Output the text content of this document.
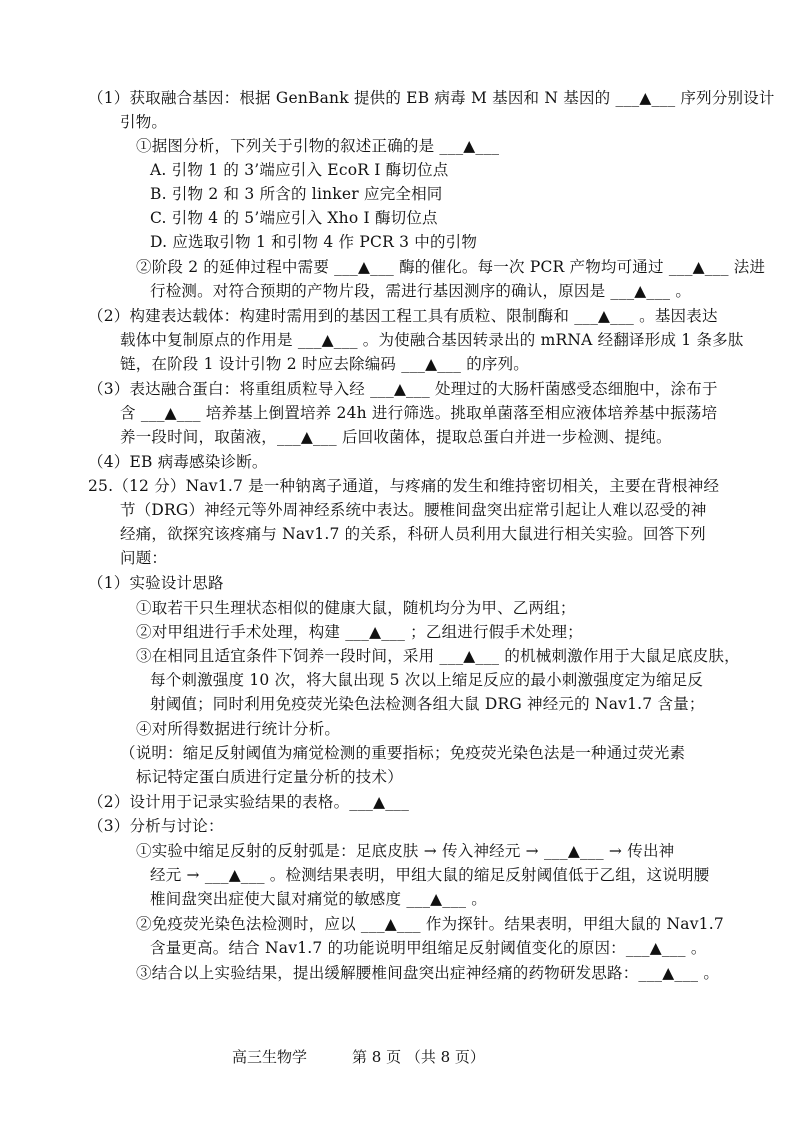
（1）获取融合基因：根据 GenBank 提供的 EB 病毒 M 基因和 N 基因的 ___▲___ 序列分别设计
引物。
①据图分析，下列关于引物的叙述正确的是 ___▲___
A. 引物 1 的 3’端应引入 EcoR Ⅰ 酶切位点
B. 引物 2 和 3 所含的 linker 应完全相同
C. 引物 4 的 5’端应引入 Xho Ⅰ 酶切位点
D. 应选取引物 1 和引物 4 作 PCR 3 中的引物
②阶段 2 的延伸过程中需要 ___▲___ 酶的催化。每一次 PCR 产物均可通过 ___▲___ 法进
行检测。对符合预期的产物片段，需进行基因测序的确认，原因是 ___▲___ 。
（2）构建表达载体：构建时需用到的基因工程工具有质粒、限制酶和 ___▲___ 。基因表达
载体中复制原点的作用是 ___▲___ 。为使融合基因转录出的 mRNA 经翻译形成 1 条多肽
链，在阶段 1 设计引物 2 时应去除编码 ___▲___ 的序列。
（3）表达融合蛋白：将重组质粒导入经 ___▲___ 处理过的大肠杆菌感受态细胞中，涂布于
含 ___▲___ 培养基上倒置培养 24h 进行筛选。挑取单菌落至相应液体培养基中振荡培
养一段时间，取菌液，___▲___ 后回收菌体，提取总蛋白并进一步检测、提纯。
（4）EB 病毒感染诊断。
25.（12 分）Nav1.7 是一种钠离子通道，与疼痛的发生和维持密切相关，主要在背根神经
节（DRG）神经元等外周神经系统中表达。腰椎间盘突出症常引起让人难以忍受的神
经痛，欲探究该疼痛与 Nav1.7 的关系，科研人员利用大鼠进行相关实验。回答下列
问题：
（1）实验设计思路
①取若干只生理状态相似的健康大鼠，随机均分为甲、乙两组；
②对甲组进行手术处理，构建 ___▲___ ；乙组进行假手术处理；
③在相同且适宜条件下饲养一段时间，采用 ___▲___ 的机械刺激作用于大鼠足底皮肤，
每个刺激强度 10 次，将大鼠出现 5 次以上缩足反应的最小刺激强度定为缩足反
射阈值；同时利用免疫荧光染色法检测各组大鼠 DRG 神经元的 Nav1.7 含量；
④对所得数据进行统计分析。
（说明：缩足反射阈值为痛觉检测的重要指标；免疫荧光染色法是一种通过荧光素
标记特定蛋白质进行定量分析的技术）
（2）设计用于记录实验结果的表格。___▲___
（3）分析与讨论：
①实验中缩足反射的反射弧是：足底皮肤 → 传入神经元 → ___▲___ → 传出神
经元 → ___▲___ 。检测结果表明，甲组大鼠的缩足反射阈值低于乙组，这说明腰
椎间盘突出症使大鼠对痛觉的敏感度 ___▲___ 。
②免疫荧光染色法检测时，应以 ___▲___ 作为探针。结果表明，甲组大鼠的 Nav1.7
含量更高。结合 Nav1.7 的功能说明甲组缩足反射阈值变化的原因：___▲___ 。
③结合以上实验结果，提出缓解腰椎间盘突出症神经痛的药物研发思路：___▲___ 。
高三生物学	第 8 页 （共 8 页）
